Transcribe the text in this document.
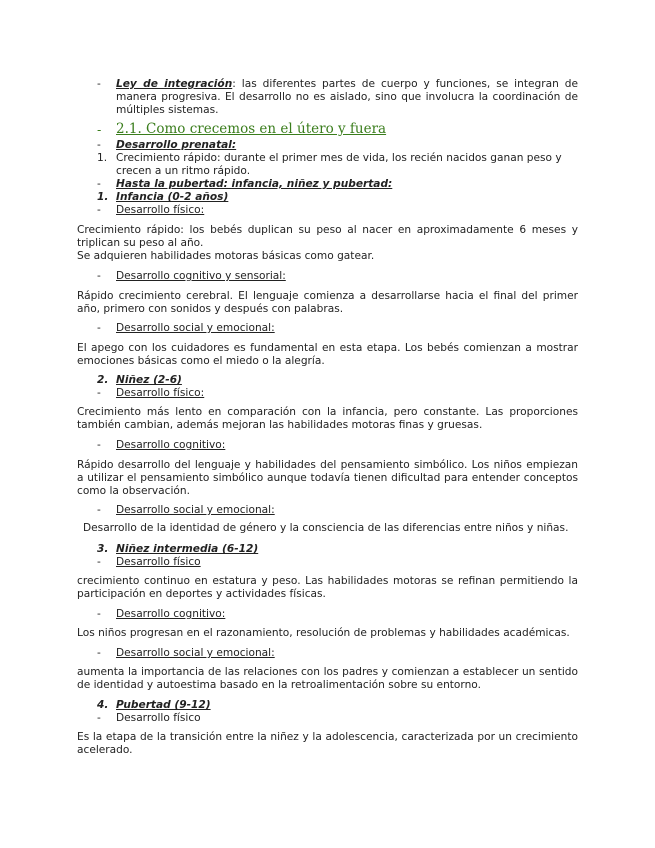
- Ley de integración: las diferentes partes de cuerpo y funciones, se integran de manera progresiva. El desarrollo no es aislado, sino que involucra la coordinación de múltiples sistemas.
- 2.1. Como crecemos en el útero y fuera
- Desarrollo prenatal:
1. Crecimiento rápido: durante el primer mes de vida, los recién nacidos ganan peso y
crecen a un ritmo rápido.
- Hasta la pubertad: infancia, niñez y pubertad:
1. Infancia (0-2 años)
- Desarrollo físico:
Crecimiento rápido: los bebés duplican su peso al nacer en aproximadamente 6 meses y triplican su peso al año.
Se adquieren habilidades motoras básicas como gatear.
- Desarrollo cognitivo y sensorial:
Rápido crecimiento cerebral. El lenguaje comienza a desarrollarse hacia el final del primer año, primero con sonidos y después con palabras.
- Desarrollo social y emocional:
El apego con los cuidadores es fundamental en esta etapa. Los bebés comienzan a mostrar emociones básicas como el miedo o la alegría.
2. Niñez (2-6)
- Desarrollo físico:
Crecimiento más lento en comparación con la infancia, pero constante. Las proporciones también cambian, además mejoran las habilidades motoras finas y gruesas.
- Desarrollo cognitivo:
Rápido desarrollo del lenguaje y habilidades del pensamiento simbólico. Los niños empiezan a utilizar el pensamiento simbólico aunque todavía tienen dificultad para entender conceptos como la observación.
- Desarrollo social y emocional:
Desarrollo de la identidad de género y la consciencia de las diferencias entre niños y niñas.
3. Niñez intermedia (6-12)
- Desarrollo físico
crecimiento continuo en estatura y peso. Las habilidades motoras se refinan permitiendo la participación en deportes y actividades físicas.
- Desarrollo cognitivo:
Los niños progresan en el razonamiento, resolución de problemas y habilidades académicas.
- Desarrollo social y emocional:
aumenta la importancia de las relaciones con los padres y comienzan a establecer un sentido de identidad y autoestima basado en la retroalimentación sobre su entorno.
4. Pubertad (9-12)
- Desarrollo físico
Es la etapa de la transición entre la niñez y la adolescencia, caracterizada por un crecimiento acelerado.
